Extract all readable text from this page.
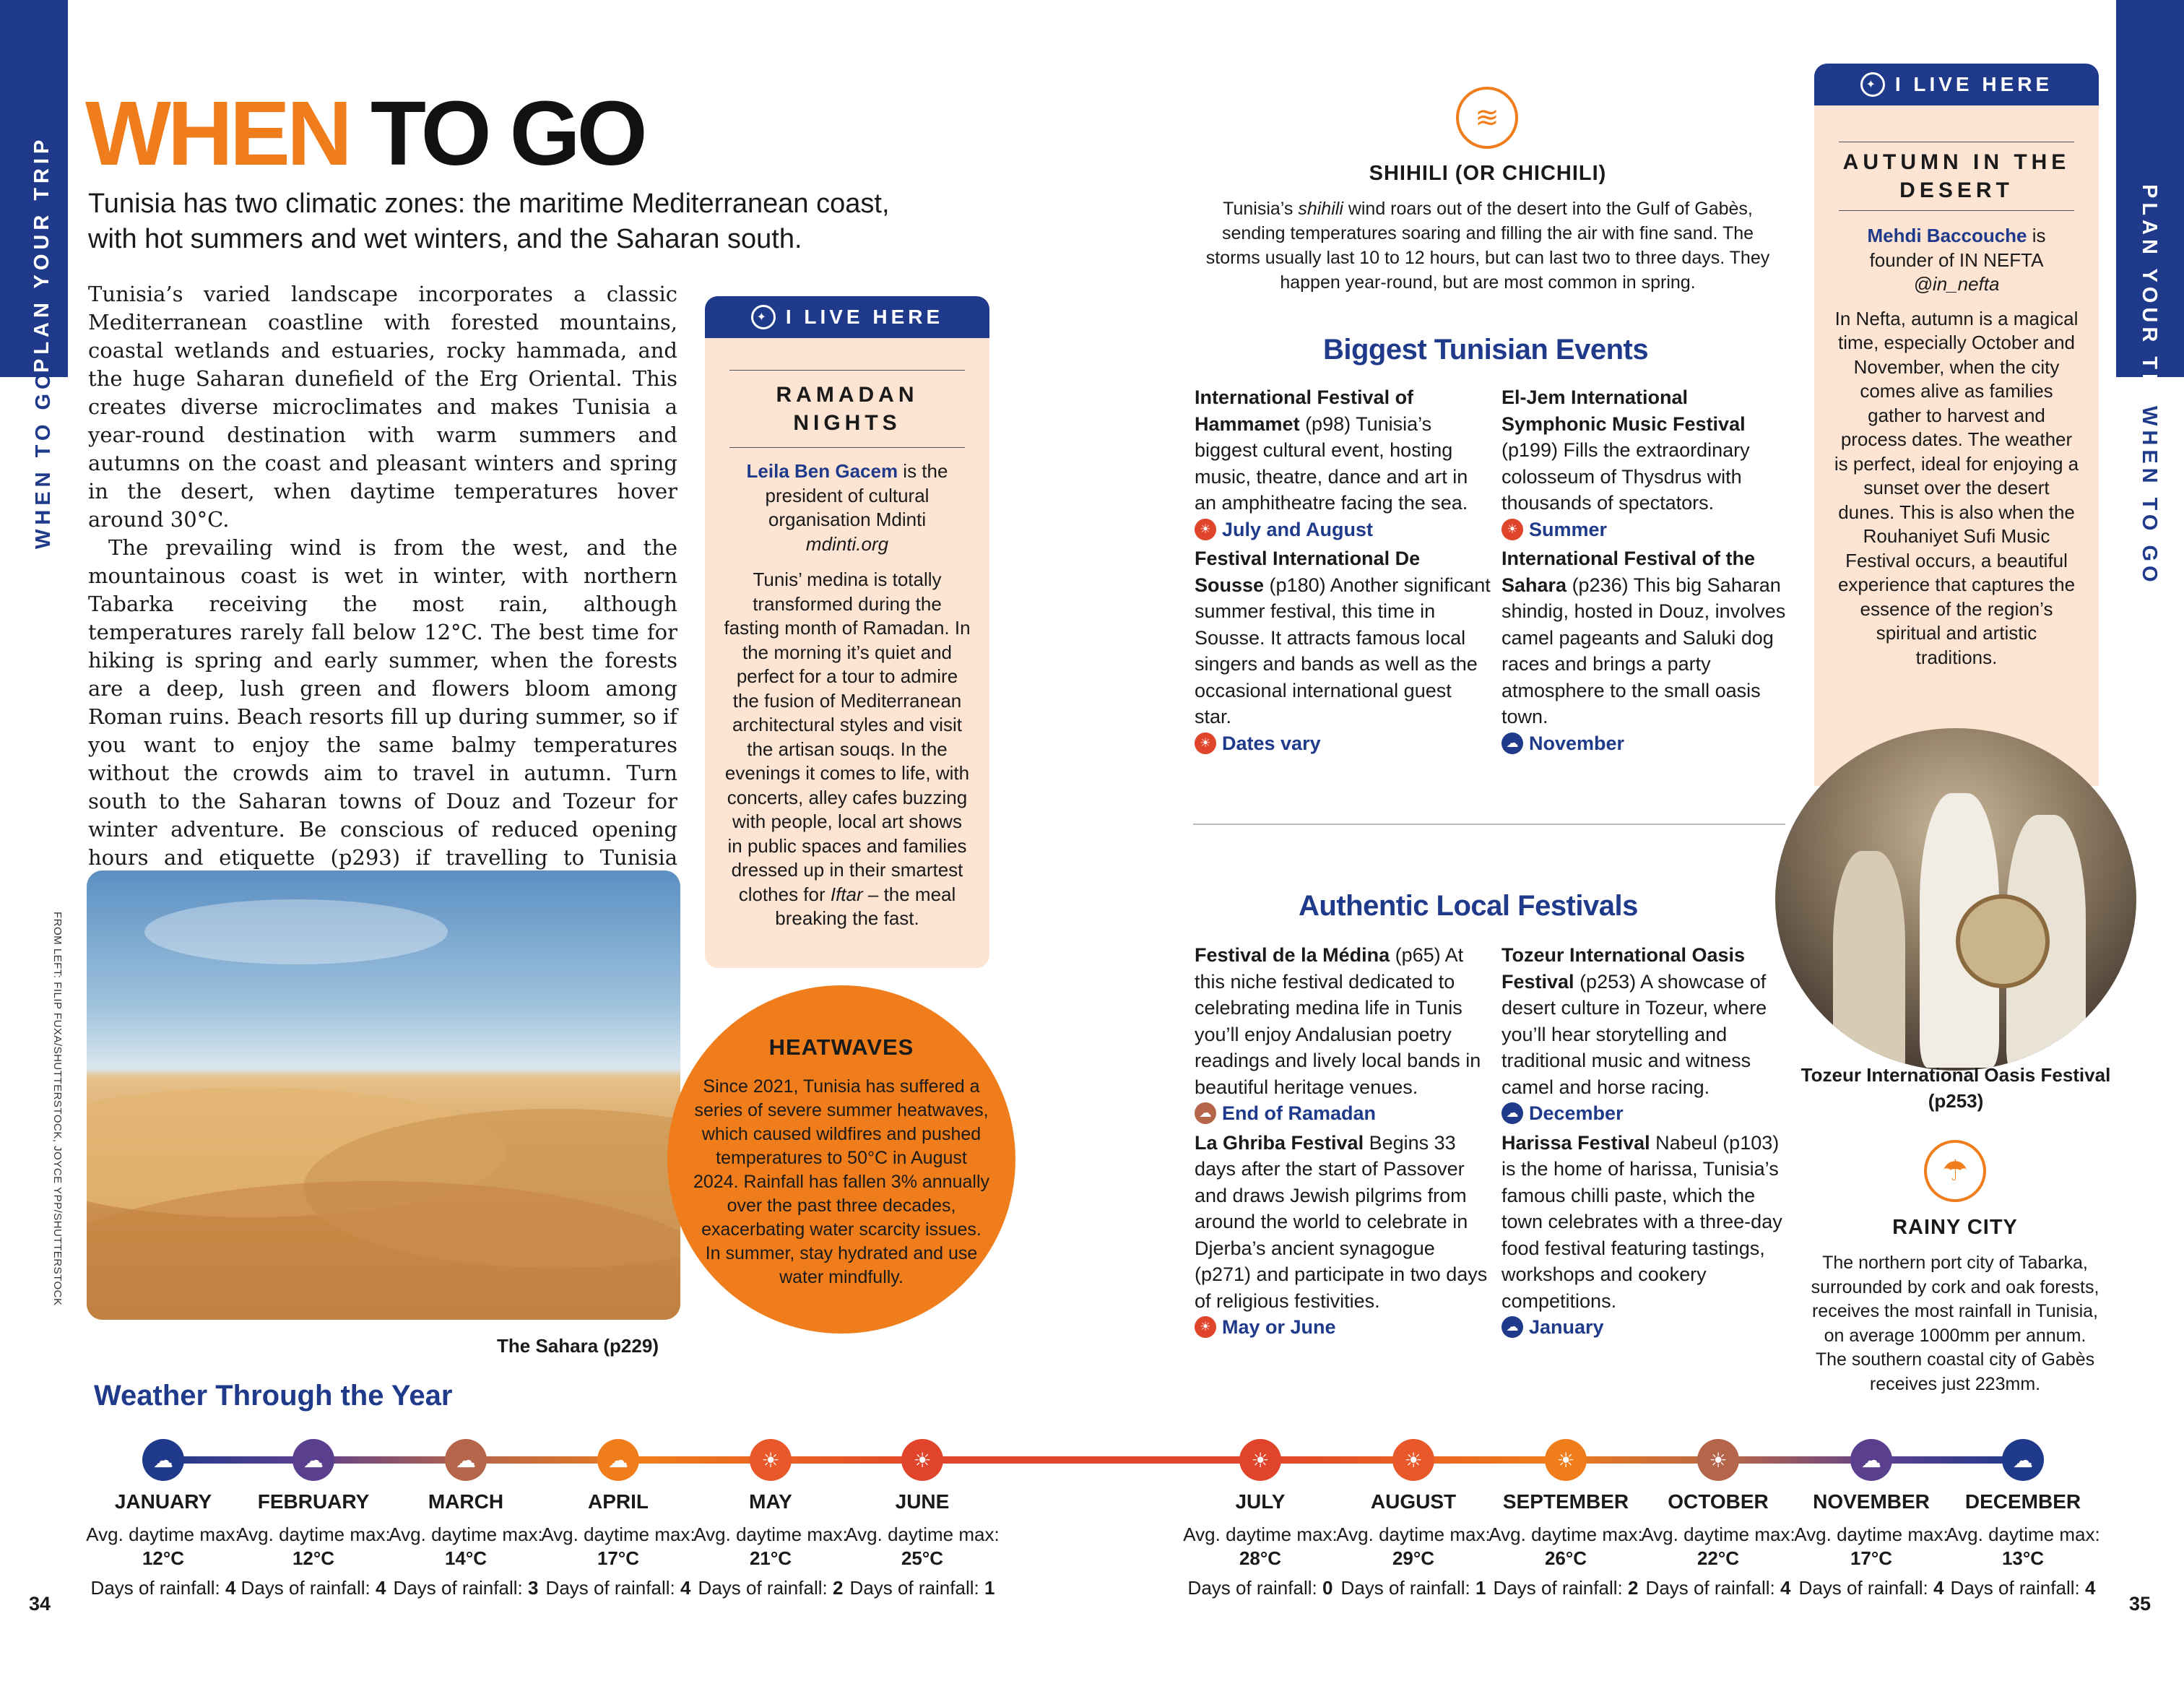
PLAN YOUR TRIP
WHEN TO GO
PLAN YOUR TRIP
WHEN TO GO
34	35
WHEN TO GO
Tunisia has two climatic zones: the maritime Mediterranean coast, with hot summers and wet winters, and the Saharan south.

Tunisia’s varied landscape incorporates a classic Mediterranean coastline with forested mountains, coastal wetlands and estuaries, rocky hammada, and the huge Saharan dunefield of the Erg Oriental. This creates diverse microclimates and makes Tunisia a year-round destination with warm summers and autumns on the coast and pleasant winters and spring in the desert, when daytime temperatures hover around 30°C.

The prevailing wind is from the west, and the mountainous coast is wet in winter, with northern Tabarka receiving the most rain, although temperatures rarely fall below 12°C. The best time for hiking is spring and early summer, when the forests are a deep, lush green and flowers bloom among Roman ruins. Beach resorts fill up during summer, so if you want to enjoy the same balmy temperatures without the crowds aim to travel in autumn. Turn south to the Saharan towns of Douz and Tozeur for winter adventure. Be conscious of reduced opening hours and etiquette (p293) if travelling to Tunisia

✦ I LIVE HERE
RAMADAN
NIGHTS
Leila Ben Gacem is the president of cultural organisation Mdinti
mdinti.org
Tunis’ medina is totally transformed during the fasting month of Ramadan. In the morning it’s quiet and perfect for a tour to admire the fusion of Mediterranean architectural styles and visit the artisan souqs. In the evenings it comes to life, with concerts, alley cafes buzzing with people, local art shows in public spaces and families dressed up in their smartest clothes for Iftar – the meal breaking the fast.
The Sahara (p229)
FROM LEFT: FILIP FUXA/SHUTTERSTOCK, JOYCE YPP/SHUTTERSTOCK	HEATWAVES
Since 2021, Tunisia has suffered a series of severe summer heatwaves, which caused wildfires and pushed temperatures to 50°C in August 2024. Rainfall has fallen 3% annually over the past three decades, exacerbating water scarcity issues. In summer, stay hydrated and use water mindfully.
≋
SHIHILI (OR CHICHILI)
Tunisia’s shihili wind roars out of the desert into the Gulf of Gabès, sending temperatures soaring and filling the air with fine sand. The storms usually last 10 to 12 hours, but can last two to three days. They happen year-round, but are most common in spring.
Biggest Tunisian Events
International Festival of Hammamet (p98) Tunisia’s biggest cultural event, hosting music, theatre, dance and art in an amphitheatre facing the sea.
☀ July and August
Festival International De Sousse (p180) Another significant summer festival, this time in Sousse. It attracts famous local singers and bands as well as the occasional international guest star.
☀ Dates vary
El-Jem International Symphonic Music Festival (p199) Fills the extraordinary colosseum of Thysdrus with thousands of spectators.
☀ Summer
International Festival of the Sahara (p236) This big Saharan shindig, hosted in Douz, involves camel pageants and Saluki dog races and brings a party atmosphere to the small oasis town.
☁ November
Authentic Local Festivals
Festival de la Médina (p65) At this niche festival dedicated to celebrating medina life in Tunis you’ll enjoy Andalusian poetry readings and lively local bands in beautiful heritage venues.
☁ End of Ramadan
La Ghriba Festival Begins 33 days after the start of Passover and draws Jewish pilgrims from around the world to celebrate in Djerba’s ancient synagogue (p271) and participate in two days of religious festivities.
☀ May or June
Tozeur International Oasis Festival (p253) A showcase of desert culture in Tozeur, where you’ll hear storytelling and traditional music and witness camel and horse racing.
☁ December
Harissa Festival Nabeul (p103) is the home of harissa, Tunisia’s famous chilli paste, which the town celebrates with a three-day food festival featuring tastings, workshops and cookery competitions.
☁ January
✦ I LIVE HERE
AUTUMN IN THE
DESERT
Mehdi Baccouche is founder of IN NEFTA
@in_nefta
In Nefta, autumn is a magical time, especially October and November, when the city comes alive as families gather to harvest and process dates. The weather is perfect, ideal for enjoying a sunset over the desert dunes. This is also when the Rouhaniyet Sufi Music Festival occurs, a beautiful experience that captures the essence of the region’s spiritual and artistic traditions.
Tozeur International Oasis Festival (p253)
☂
RAINY CITY
The northern port city of Tabarka, surrounded by cork and oak forests, receives the most rainfall in Tunisia, on average 1000mm per annum. The southern coastal city of Gabès receives just 223mm.
Weather Through the Year
☁
JANUARY
Avg. daytime max: 12°C

Days of rainfall: 4
☁
FEBRUARY
Avg. daytime max: 12°C

Days of rainfall: 4
☁
MARCH
Avg. daytime max: 14°C

Days of rainfall: 3
☁
APRIL
Avg. daytime max: 17°C

Days of rainfall: 4
☀
MAY
Avg. daytime max: 21°C

Days of rainfall: 2
☀
JUNE
Avg. daytime max: 25°C

Days of rainfall: 1
☀
JULY
Avg. daytime max: 28°C

Days of rainfall: 0
☀
AUGUST
Avg. daytime max: 29°C

Days of rainfall: 1
☀
SEPTEMBER
Avg. daytime max: 26°C

Days of rainfall: 2
☀
OCTOBER
Avg. daytime max: 22°C

Days of rainfall: 4
☁
NOVEMBER
Avg. daytime max: 17°C

Days of rainfall: 4
☁
DECEMBER
Avg. daytime max: 13°C

Days of rainfall: 4
